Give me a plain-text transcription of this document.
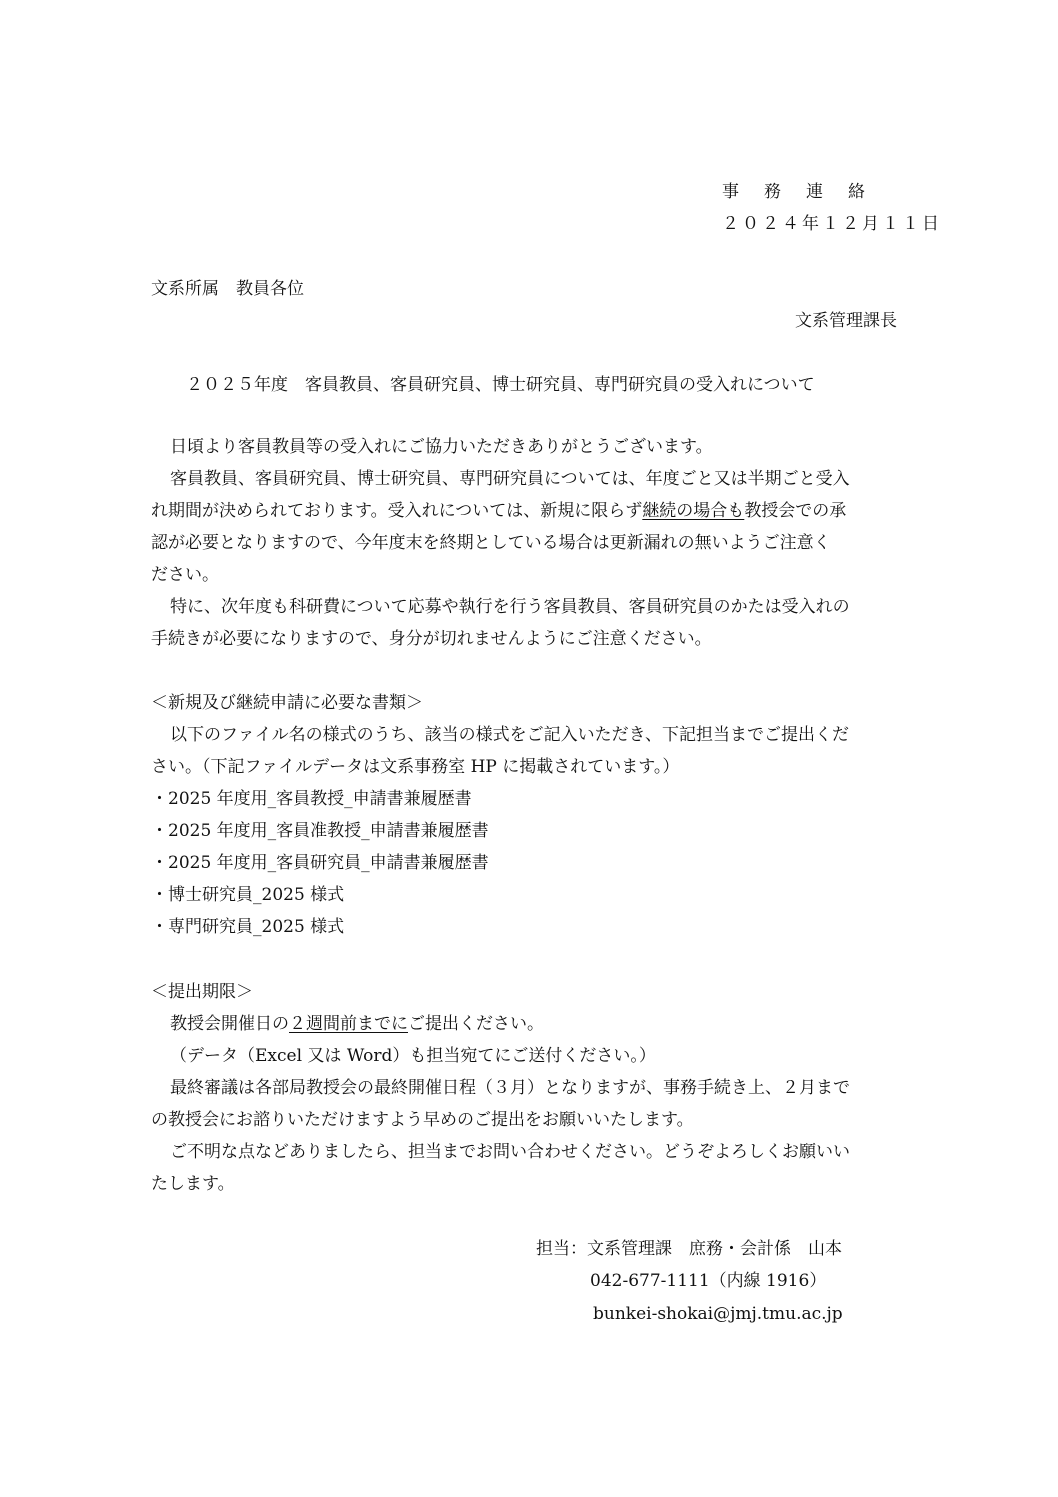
事務連絡
２０２４年１２月１１日
文系所属　教員各位
文系管理課長
２０２５年度　客員教員、客員研究員、博士研究員、専門研究員の受入れについて
日頃より客員教員等の受入れにご協力いただきありがとうございます。
客員教員、客員研究員、博士研究員、専門研究員については、年度ごと又は半期ごと受入
れ期間が決められております。受入れについては、新規に限らず継続の場合も教授会での承
認が必要となりますので、今年度末を終期としている場合は更新漏れの無いようご注意く
ださい。
特に、次年度も科研費について応募や執行を行う客員教員、客員研究員のかたは受入れの
手続きが必要になりますので、身分が切れませんようにご注意ください。
＜新規及び継続申請に必要な書類＞
以下のファイル名の様式のうち、該当の様式をご記入いただき、下記担当までご提出くだ
さい。（下記ファイルデータは文系事務室 HP に掲載されています。）
・2025 年度用_客員教授_申請書兼履歴書
・2025 年度用_客員准教授_申請書兼履歴書
・2025 年度用_客員研究員_申請書兼履歴書
・博士研究員_2025 様式
・専門研究員_2025 様式
＜提出期限＞
教授会開催日の２週間前までにご提出ください。
（データ（Excel 又は Word）も担当宛てにご送付ください。）
最終審議は各部局教授会の最終開催日程（３月）となりますが、事務手続き上、２月まで
の教授会にお諮りいただけますよう早めのご提出をお願いいたします。
ご不明な点などありましたら、担当までお問い合わせください。どうぞよろしくお願いい
たします。
担当：文系管理課　庶務・会計係　山本
042-677-1111（内線 1916）
bunkei-shokai@jmj.tmu.ac.jp
